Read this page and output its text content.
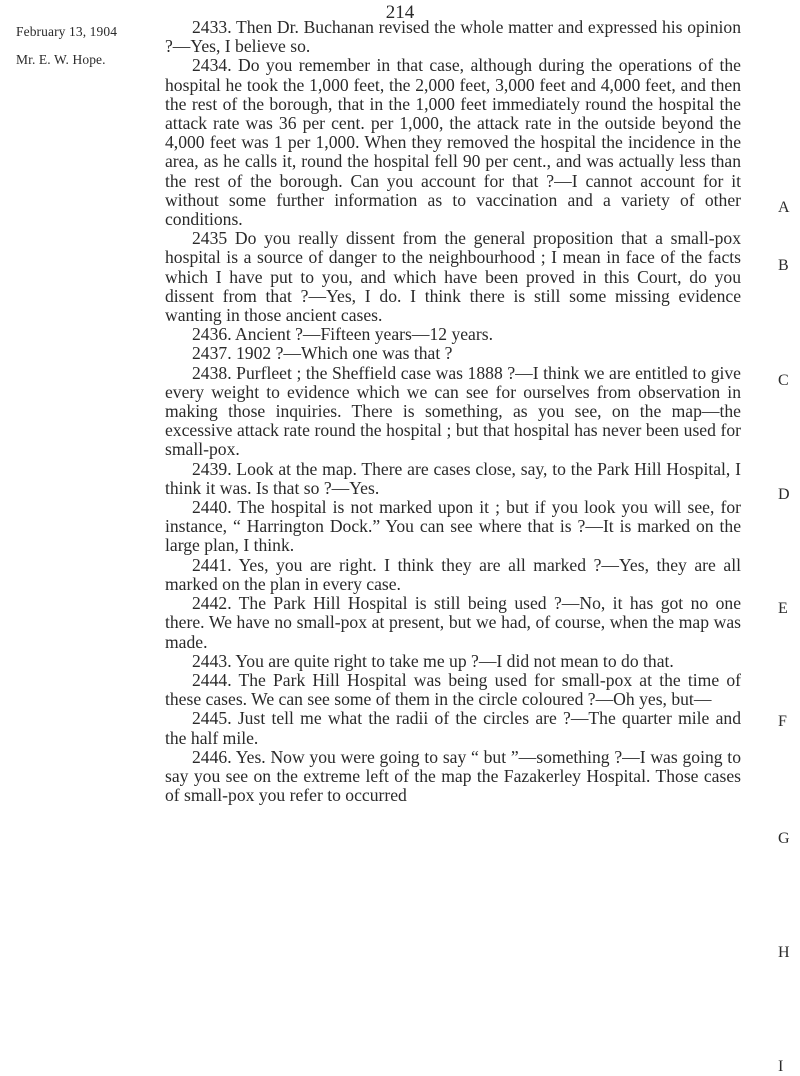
214
February 13, 1904
Mr. E. W. Hope.

2433. Then Dr. Buchanan revised the whole matter and expressed his opinion ?—Yes, I believe so.

2434. Do you remember in that case, although during the operations of the hospital he took the 1,000 feet, the 2,000 feet, 3,000 feet and 4,000 feet, and then the rest of the borough, that in the 1,000 feet immediately round the hospital the attack rate was 36 per cent. per 1,000, the attack rate in the outside beyond the 4,000 feet was 1 per 1,000. When they removed the hospital the incidence in the area, as he calls it, round the hospital fell 90 per cent., and was actually less than the rest of the borough. Can you account for that ?—I cannot account for it without some further information as to vaccination and a variety of other conditions.

2435 Do you really dissent from the general proposition that a small-pox hospital is a source of danger to the neighbourhood ; I mean in face of the facts which I have put to you, and which have been proved in this Court, do you dissent from that ?—Yes, I do. I think there is still some missing evidence wanting in those ancient cases.

2436. Ancient ?—Fifteen years—12 years.

2437. 1902 ?—Which one was that ?

2438. Purfleet ; the Sheffield case was 1888 ?—I think we are entitled to give every weight to evidence which we can see for ourselves from observation in making those inquiries. There is something, as you see, on the map—the excessive attack rate round the hospital ; but that hospital has never been used for small-pox.

2439. Look at the map. There are cases close, say, to the Park Hill Hospital, I think it was. Is that so ?—Yes.

2440. The hospital is not marked upon it ; but if you look you will see, for instance, “ Harrington Dock.” You can see where that is ?—It is marked on the large plan, I think.

2441. Yes, you are right. I think they are all marked ?—Yes, they are all marked on the plan in every case.

2442. The Park Hill Hospital is still being used ?—No, it has got no one there. We have no small-pox at present, but we had, of course, when the map was made.

2443. You are quite right to take me up ?—I did not mean to do that.

2444. The Park Hill Hospital was being used for small-pox at the time of these cases. We can see some of them in the circle coloured ?—Oh yes, but—

2445. Just tell me what the radii of the circles are ?—The quarter mile and the half mile.

2446. Yes. Now you were going to say “ but ”—something ?—I was going to say you see on the extreme left of the map the Fazakerley Hospital. Those cases of small-pox you refer to occurred

A
B
C
D
E
F
G
H
I
